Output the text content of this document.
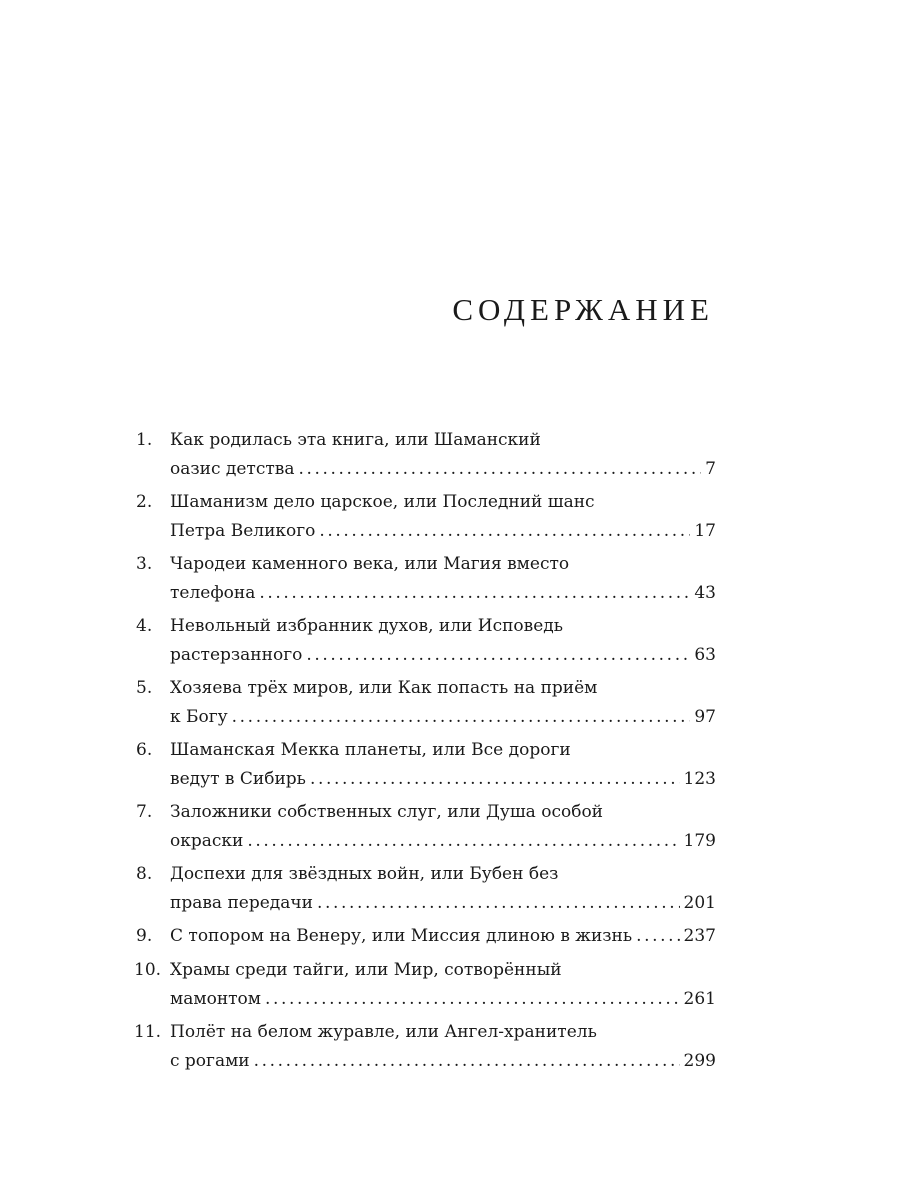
СОДЕРЖАНИЕ
1. Как родилась эта книга, или Шаманский
оазис детства . . .	7
2. Шаманизм дело царское, или Последний шанс
Петра Великого . . .	17
3. Чародеи каменного века, или Магия вместо
телефона . . .	43
4. Невольный избранник духов, или Исповедь
растерзанного . . .	63
5. Хозяева трёх миров, или Как попасть на приём
к Богу . . .	97
6. Шаманская Мекка планеты, или Все дороги
ведут в Сибирь . . .	123
7. Заложники собственных слуг, или Душа особой
окраски . . .	179
8. Доспехи для звёздных войн, или Бубен без
права передачи . . .	201
9. С топором на Венеру, или Миссия длиною в жизнь . . .	237
10. Храмы среди тайги, или Мир, сотворённый
мамонтом . . .	261
11. Полёт на белом журавле, или Ангел-хранитель
с рогами . . .	299
